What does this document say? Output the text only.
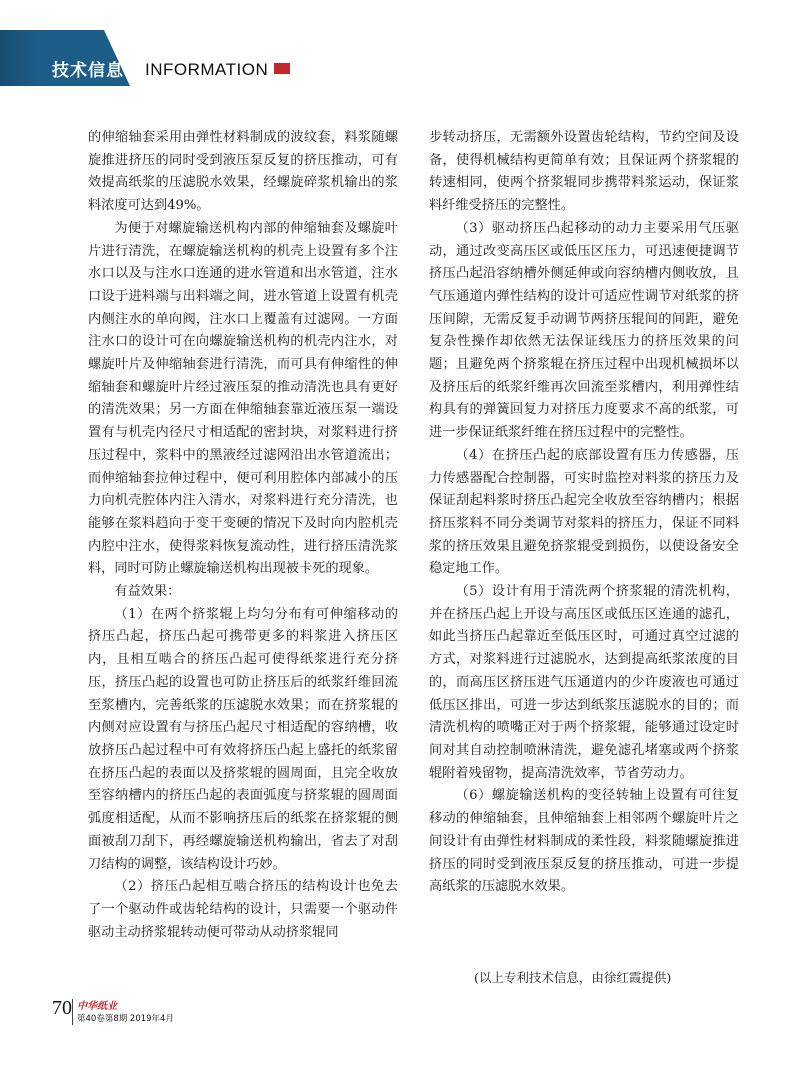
技术信息 INFORMATION

的伸缩轴套采用由弹性材料制成的波纹套，料浆随螺旋推进挤压的同时受到液压泵反复的挤压推动，可有效提高纸浆的压滤脱水效果，经螺旋碎浆机输出的浆料浓度可达到49%。

为便于对螺旋输送机构内部的伸缩轴套及螺旋叶片进行清洗，在螺旋输送机构的机壳上设置有多个注水口以及与注水口连通的进水管道和出水管道，注水口设于进料端与出料端之间，进水管道上设置有机壳内侧注水的单向阀，注水口上覆盖有过滤网。一方面注水口的设计可在向螺旋输送机构的机壳内注水，对螺旋叶片及伸缩轴套进行清洗，而可具有伸缩性的伸缩轴套和螺旋叶片经过液压泵的推动清洗也具有更好的清洗效果；另一方面在伸缩轴套靠近液压泵一端设置有与机壳内径尺寸相适配的密封块，对浆料进行挤压过程中，浆料中的黑液经过滤网沿出水管道流出；而伸缩轴套拉伸过程中，便可利用腔体内部减小的压力向机壳腔体内注入清水，对浆料进行充分清洗，也能够在浆料趋向于变干变硬的情况下及时向内腔机壳内腔中注水，使得浆料恢复流动性，进行挤压清洗浆料，同时可防止螺旋输送机构出现被卡死的现象。

有益效果：

（1）在两个挤浆辊上均匀分布有可伸缩移动的挤压凸起，挤压凸起可携带更多的料浆进入挤压区内，且相互啮合的挤压凸起可使得纸浆进行充分挤压，挤压凸起的设置也可防止挤压后的纸浆纤维回流至浆槽内，完善纸浆的压滤脱水效果；而在挤浆辊的内侧对应设置有与挤压凸起尺寸相适配的容纳槽，收放挤压凸起过程中可有效将挤压凸起上盛托的纸浆留在挤压凸起的表面以及挤浆辊的圆周面，且完全收放至容纳槽内的挤压凸起的表面弧度与挤浆辊的圆周面弧度相适配，从而不影响挤压后的纸浆在挤浆辊的侧面被刮刀刮下，再经螺旋输送机构输出，省去了对刮刀结构的调整，该结构设计巧妙。

（2）挤压凸起相互啮合挤压的结构设计也免去了一个驱动件或齿轮结构的设计，只需要一个驱动件驱动主动挤浆辊转动便可带动从动挤浆辊同

步转动挤压，无需额外设置齿轮结构，节约空间及设备，使得机械结构更简单有效；且保证两个挤浆辊的转速相同，使两个挤浆辊同步携带料浆运动，保证浆料纤维受挤压的完整性。

（3）驱动挤压凸起移动的动力主要采用气压驱动，通过改变高压区或低压区压力，可迅速便捷调节挤压凸起沿容纳槽外侧延伸或向容纳槽内侧收放，且气压通道内弹性结构的设计可适应性调节对纸浆的挤压间隙，无需反复手动调节两挤压辊间的间距，避免复杂性操作却依然无法保证线压力的挤压效果的问题；且避免两个挤浆辊在挤压过程中出现机械损坏以及挤压后的纸浆纤维再次回流至浆槽内，利用弹性结构具有的弹簧回复力对挤压力度要求不高的纸浆，可进一步保证纸浆纤维在挤压过程中的完整性。

（4）在挤压凸起的底部设置有压力传感器，压力传感器配合控制器，可实时监控对料浆的挤压力及保证刮起料浆时挤压凸起完全收放至容纳槽内；根据挤压浆料不同分类调节对浆料的挤压力，保证不同料浆的挤压效果且避免挤浆辊受到损伤，以使设备安全稳定地工作。

（5）设计有用于清洗两个挤浆辊的清洗机构，并在挤压凸起上开设与高压区或低压区连通的滤孔，如此当挤压凸起靠近至低压区时，可通过真空过滤的方式，对浆料进行过滤脱水，达到提高纸浆浓度的目的，而高压区挤压进气压通道内的少许废液也可通过低压区排出，可进一步达到纸浆压滤脱水的目的；而清洗机构的喷嘴正对于两个挤浆辊，能够通过设定时间对其自动控制喷淋清洗，避免滤孔堵塞或两个挤浆辊附着残留物，提高清洗效率，节省劳动力。

（6）螺旋输送机构的变径转轴上设置有可往复移动的伸缩轴套，且伸缩轴套上相邻两个螺旋叶片之间设计有由弹性材料制成的柔性段，料浆随螺旋推进挤压的同时受到液压泵反复的挤压推动，可进一步提高纸浆的压滤脱水效果。

(以上专利技术信息，由徐红霞提供)
70 中华纸业
第40卷第8期 2019年4月
